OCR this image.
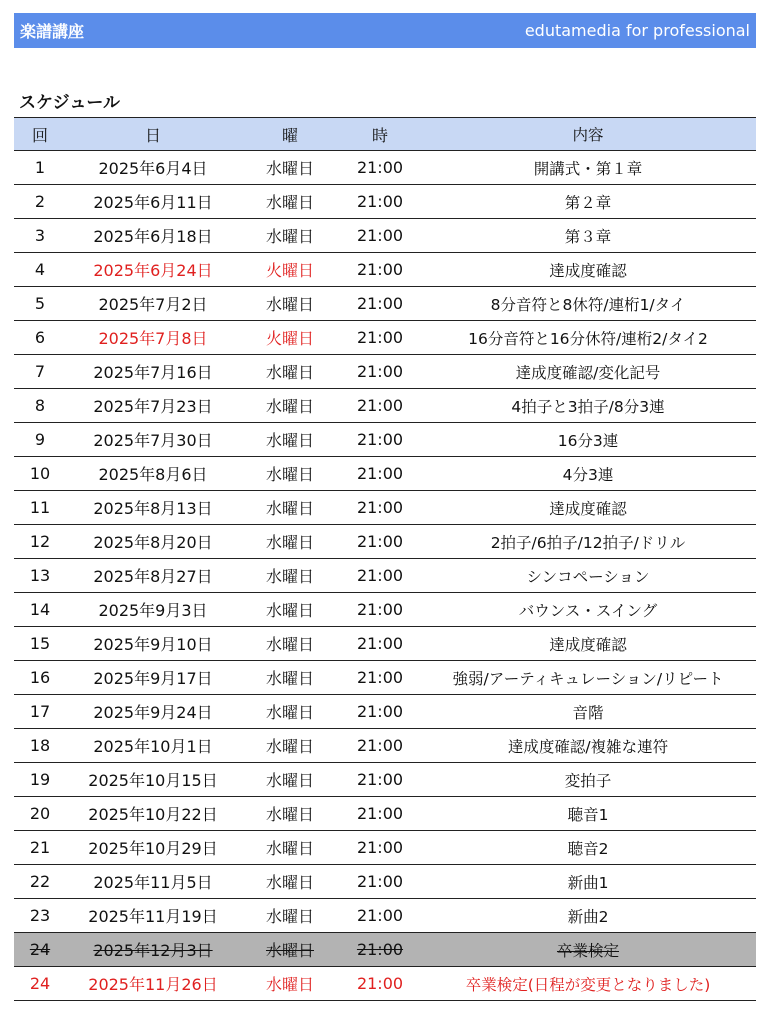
楽譜講座	edutamedia for professional
スケジュール
回	日	曜	時	内容
1	2025年6月4日	水曜日	21:00	開講式・第１章
2	2025年6月11日	水曜日	21:00	第２章
3	2025年6月18日	水曜日	21:00	第３章
4	2025年6月24日	火曜日	21:00	達成度確認
5	2025年7月2日	水曜日	21:00	8分音符と8休符/連桁1/タイ
6	2025年7月8日	火曜日	21:00	16分音符と16分休符/連桁2/タイ2
7	2025年7月16日	水曜日	21:00	達成度確認/変化記号
8	2025年7月23日	水曜日	21:00	4拍子と3拍子/8分3連
9	2025年7月30日	水曜日	21:00	16分3連
10	2025年8月6日	水曜日	21:00	4分3連
11	2025年8月13日	水曜日	21:00	達成度確認
12	2025年8月20日	水曜日	21:00	2拍子/6拍子/12拍子/ドリル
13	2025年8月27日	水曜日	21:00	シンコペーション
14	2025年9月3日	水曜日	21:00	バウンス・スイング
15	2025年9月10日	水曜日	21:00	達成度確認
16	2025年9月17日	水曜日	21:00	強弱/アーティキュレーション/リピート
17	2025年9月24日	水曜日	21:00	音階
18	2025年10月1日	水曜日	21:00	達成度確認/複雑な連符
19	2025年10月15日	水曜日	21:00	変拍子
20	2025年10月22日	水曜日	21:00	聴音1
21	2025年10月29日	水曜日	21:00	聴音2
22	2025年11月5日	水曜日	21:00	新曲1
23	2025年11月19日	水曜日	21:00	新曲2
24	2025年12月3日	水曜日	21:00	卒業検定
24	2025年11月26日	水曜日	21:00	卒業検定(日程が変更となりました)
